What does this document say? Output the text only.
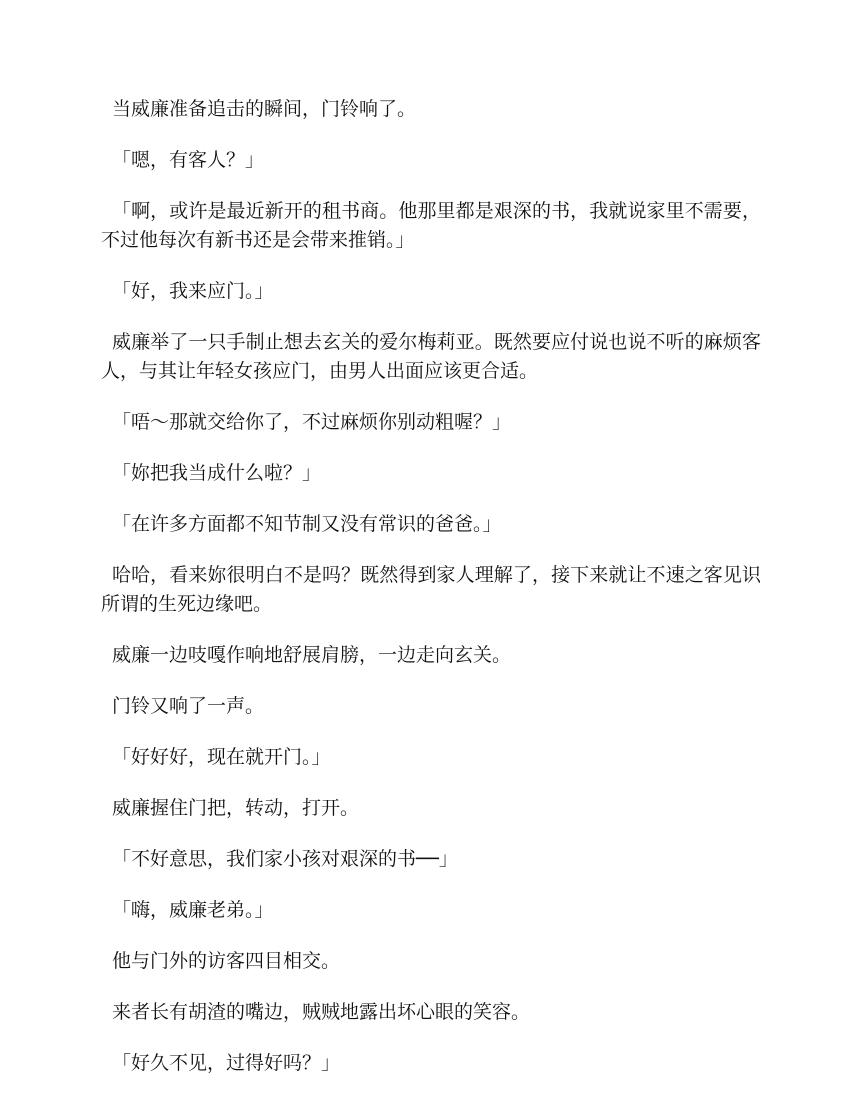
当威廉准备追击的瞬间，门铃响了。

「嗯，有客人？」

「啊，或许是最近新开的租书商。他那里都是艰深的书，我就说家里不需要，不过他每次有新书还是会带来推销。」

「好，我来应门。」

威廉举了一只手制止想去玄关的爱尔梅莉亚。既然要应付说也说不听的麻烦客人，与其让年轻女孩应门，由男人出面应该更合适。

「唔～那就交给你了，不过麻烦你别动粗喔？」

「妳把我当成什么啦？」

「在许多方面都不知节制又没有常识的爸爸。」

哈哈，看来妳很明白不是吗？既然得到家人理解了，接下来就让不速之客见识所谓的生死边缘吧。

威廉一边吱嘎作响地舒展肩膀，一边走向玄关。

门铃又响了一声。

「好好好，现在就开门。」

威廉握住门把，转动，打开。

「不好意思，我们家小孩对艰深的书──」

「嗨，威廉老弟。」

他与门外的访客四目相交。

来者长有胡渣的嘴边，贼贼地露出坏心眼的笑容。

「好久不见，过得好吗？」
